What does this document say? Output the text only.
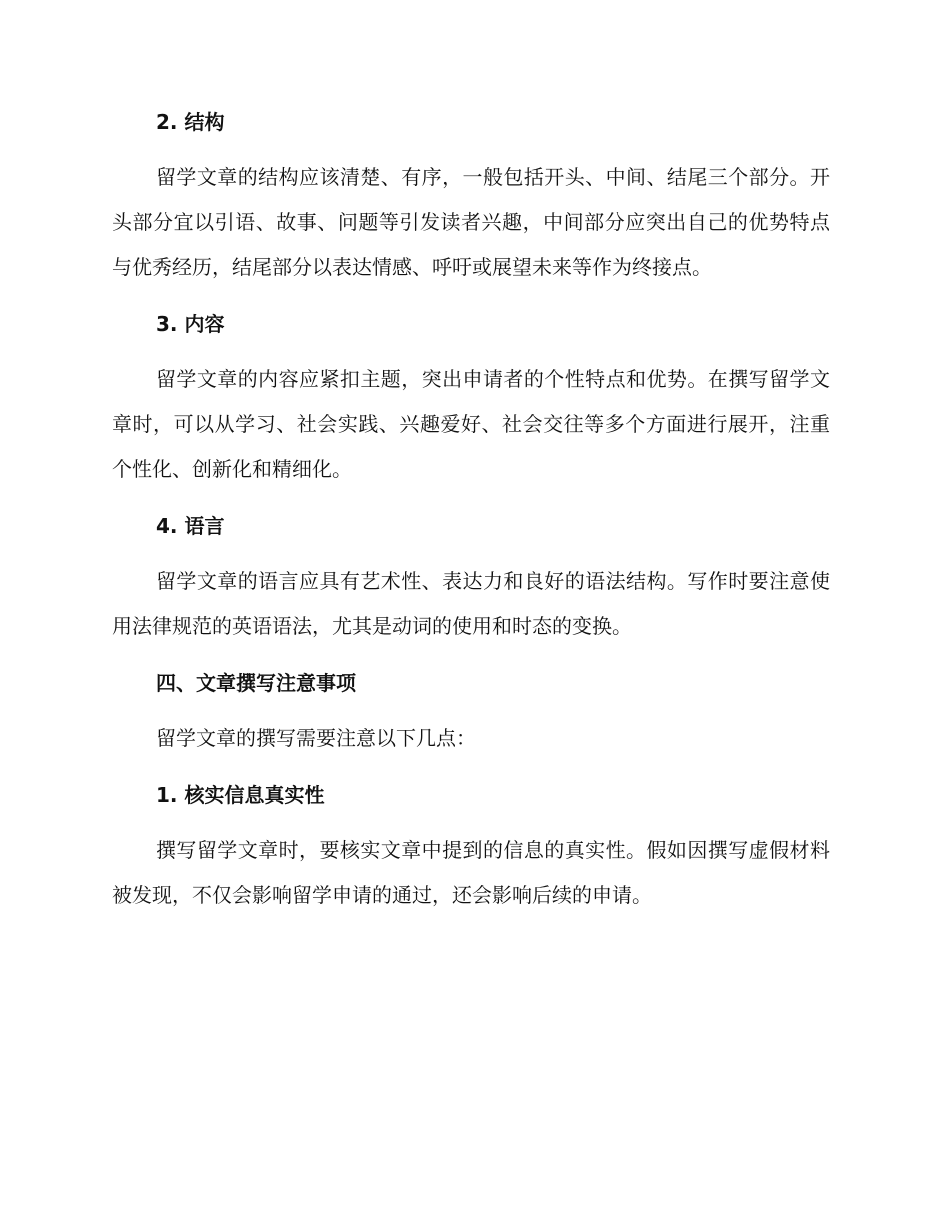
2. 结构

留学文章的结构应该清楚、有序，一般包括开头、中间、结尾三个部分。开头部分宜以引语、故事、问题等引发读者兴趣，中间部分应突出自己的优势特点与优秀经历，结尾部分以表达情感、呼吁或展望未来等作为终接点。

3. 内容

留学文章的内容应紧扣主题，突出申请者的个性特点和优势。在撰写留学文章时，可以从学习、社会实践、兴趣爱好、社会交往等多个方面进行展开，注重个性化、创新化和精细化。

4. 语言

留学文章的语言应具有艺术性、表达力和良好的语法结构。写作时要注意使用法律规范的英语语法，尤其是动词的使用和时态的变换。

四、文章撰写注意事项

留学文章的撰写需要注意以下几点：

1. 核实信息真实性

撰写留学文章时，要核实文章中提到的信息的真实性。假如因撰写虚假材料被发现，不仅会影响留学申请的通过，还会影响后续的申请。
